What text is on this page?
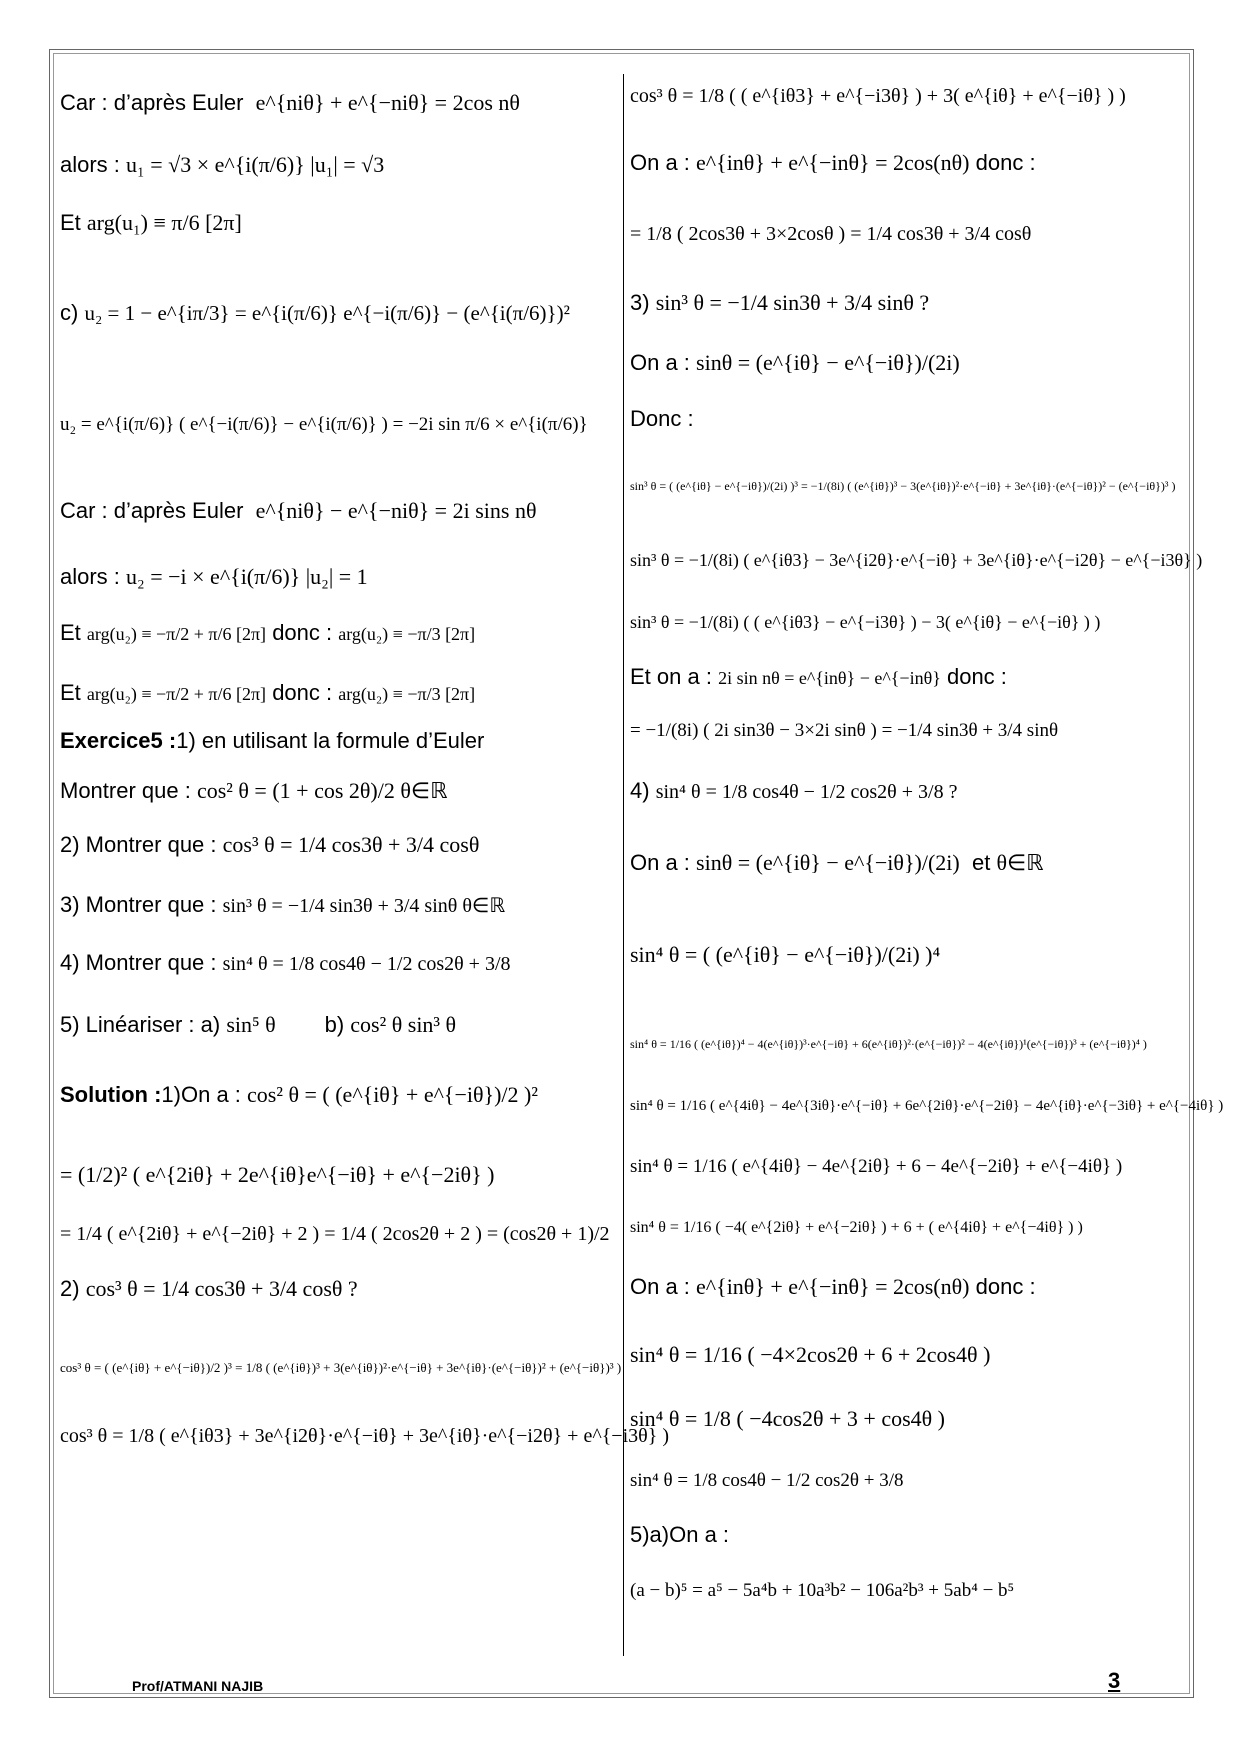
Car : d’après Euler e^{niθ} + e^{−niθ} = 2cos nθ
alors : u₁ = √3 × e^{i(π/6)} |u₁| = √3
Et arg(u₁) ≡ π/6 [2π]
c) u₂ = 1 − e^{iπ/3} = e^{i(π/6)} e^{−i(π/6)} − (e^{i(π/6)})²
u₂ = e^{i(π/6)} ( e^{−i(π/6)} − e^{i(π/6)} ) = −2i sin π/6 × e^{i(π/6)}
Car : d’après Euler e^{niθ} − e^{−niθ} = 2i sins nθ
alors : u₂ = −i × e^{i(π/6)} |u₂| = 1
Et arg(u₂) ≡ −π/2 + π/6 [2π] donc : arg(u₂) ≡ −π/3 [2π]
Et arg(u₂) ≡ −π/2 + π/6 [2π] donc : arg(u₂) ≡ −π/3 [2π]
Exercice5 :1) en utilisant la formule d’Euler
Montrer que : cos² θ = (1 + cos 2θ)/2 θ∈ℝ
2) Montrer que : cos³ θ = 1/4 cos3θ + 3/4 cosθ
3) Montrer que : sin³ θ = −1/4 sin3θ + 3/4 sinθ θ∈ℝ
4) Montrer que : sin⁴ θ = 1/8 cos4θ − 1/2 cos2θ + 3/8
5) Linéariser : a) sin⁵ θ b) cos² θ sin³ θ
Solution :1)On a : cos² θ = ( (e^{iθ} + e^{−iθ})/2 )²
= (1/2)² ( e^{2iθ} + 2e^{iθ}e^{−iθ} + e^{−2iθ} )
= 1/4 ( e^{2iθ} + e^{−2iθ} + 2 ) = 1/4 ( 2cos2θ + 2 ) = (cos2θ + 1)/2
2) cos³ θ = 1/4 cos3θ + 3/4 cosθ ?
cos³ θ = ( (e^{iθ} + e^{−iθ})/2 )³ = 1/8 ( (e^{iθ})³ + 3(e^{iθ})²·e^{−iθ} + 3e^{iθ}·(e^{−iθ})² + (e^{−iθ})³ )
cos³ θ = 1/8 ( e^{iθ3} + 3e^{i2θ}·e^{−iθ} + 3e^{iθ}·e^{−i2θ} + e^{−i3θ} )
cos³ θ = 1/8 ( ( e^{iθ3} + e^{−i3θ} ) + 3( e^{iθ} + e^{−iθ} ) )
On a : e^{inθ} + e^{−inθ} = 2cos(nθ) donc :
= 1/8 ( 2cos3θ + 3×2cosθ ) = 1/4 cos3θ + 3/4 cosθ
3) sin³ θ = −1/4 sin3θ + 3/4 sinθ ?
On a : sinθ = (e^{iθ} − e^{−iθ})/(2i)
Donc :
sin³ θ = ( (e^{iθ} − e^{−iθ})/(2i) )³ = −1/(8i) ( (e^{iθ})³ − 3(e^{iθ})²·e^{−iθ} + 3e^{iθ}·(e^{−iθ})² − (e^{−iθ})³ )
sin³ θ = −1/(8i) ( e^{iθ3} − 3e^{i2θ}·e^{−iθ} + 3e^{iθ}·e^{−i2θ} − e^{−i3θ} )
sin³ θ = −1/(8i) ( ( e^{iθ3} − e^{−i3θ} ) − 3( e^{iθ} − e^{−iθ} ) )
Et on a : 2i sin nθ = e^{inθ} − e^{−inθ} donc :
= −1/(8i) ( 2i sin3θ − 3×2i sinθ ) = −1/4 sin3θ + 3/4 sinθ
4) sin⁴ θ = 1/8 cos4θ − 1/2 cos2θ + 3/8 ?
On a : sinθ = (e^{iθ} − e^{−iθ})/(2i) et θ∈ℝ
sin⁴ θ = ( (e^{iθ} − e^{−iθ})/(2i) )⁴
sin⁴ θ = 1/16 ( (e^{iθ})⁴ − 4(e^{iθ})³·e^{−iθ} + 6(e^{iθ})²·(e^{−iθ})² − 4(e^{iθ})¹(e^{−iθ})³ + (e^{−iθ})⁴ )
sin⁴ θ = 1/16 ( e^{4iθ} − 4e^{3iθ}·e^{−iθ} + 6e^{2iθ}·e^{−2iθ} − 4e^{iθ}·e^{−3iθ} + e^{−4iθ} )
sin⁴ θ = 1/16 ( e^{4iθ} − 4e^{2iθ} + 6 − 4e^{−2iθ} + e^{−4iθ} )
sin⁴ θ = 1/16 ( −4( e^{2iθ} + e^{−2iθ} ) + 6 + ( e^{4iθ} + e^{−4iθ} ) )
On a : e^{inθ} + e^{−inθ} = 2cos(nθ) donc :
sin⁴ θ = 1/16 ( −4×2cos2θ + 6 + 2cos4θ )
sin⁴ θ = 1/8 ( −4cos2θ + 3 + cos4θ )
sin⁴ θ = 1/8 cos4θ − 1/2 cos2θ + 3/8
5)a)On a :
(a − b)⁵ = a⁵ − 5a⁴b + 10a³b² − 106a²b³ + 5ab⁴ − b⁵
Prof/ATMANI NAJIB	3
